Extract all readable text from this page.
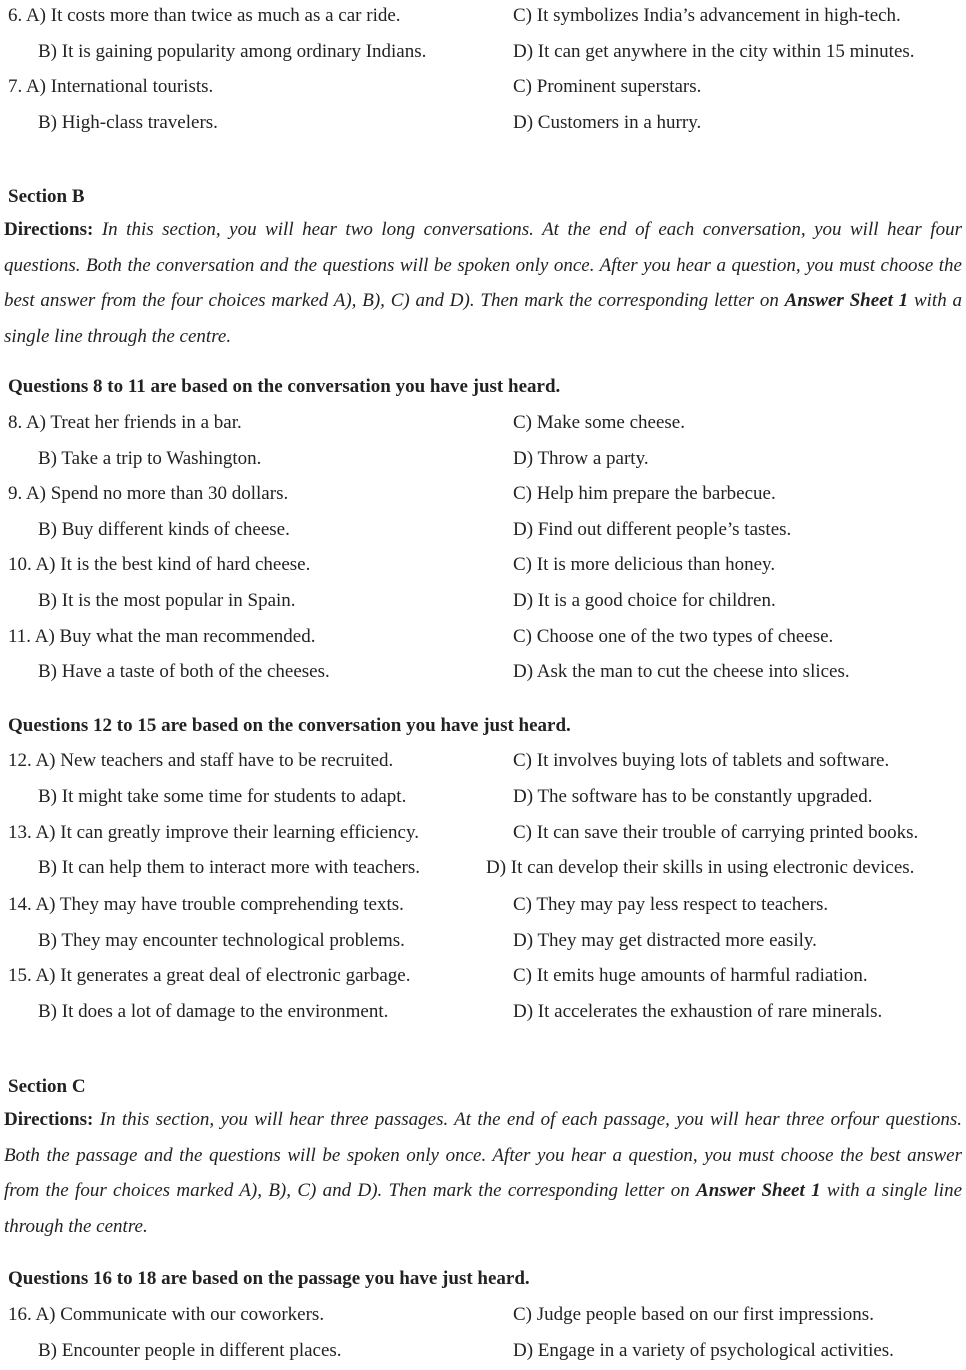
6. A) It costs more than twice as much as a car ride.	C) It symbolizes India’s advancement in high-tech.
B) It is gaining popularity among ordinary Indians.	D) It can get anywhere in the city within 15 minutes.
7. A) International tourists.	C) Prominent superstars.
B) High-class travelers.	D) Customers in a hurry.
Section B
Directions: In this section, you will hear two long conversations. At the end of each conversation, you will hear four questions. Both the conversation and the questions will be spoken only once. After you hear a question, you must choose the best answer from the four choices marked A), B), C) and D). Then mark the corresponding letter on Answer Sheet 1 with a single line through the centre.
Questions 8 to 11 are based on the conversation you have just heard.
8. A) Treat her friends in a bar.	C) Make some cheese.
B) Take a trip to Washington.	D) Throw a party.
9. A) Spend no more than 30 dollars.	C) Help him prepare the barbecue.
B) Buy different kinds of cheese.	D) Find out different people’s tastes.
10. A) It is the best kind of hard cheese.	C) It is more delicious than honey.
B) It is the most popular in Spain.	D) It is a good choice for children.
11. A) Buy what the man recommended.	C) Choose one of the two types of cheese.
B) Have a taste of both of the cheeses.	D) Ask the man to cut the cheese into slices.
Questions 12 to 15 are based on the conversation you have just heard.
12. A) New teachers and staff have to be recruited.	C) It involves buying lots of tablets and software.
B) It might take some time for students to adapt.	D) The software has to be constantly upgraded.
13. A) It can greatly improve their learning efficiency.	C) It can save their trouble of carrying printed books.
B) It can help them to interact more with teachers.	D) It can develop their skills in using electronic devices.
14. A) They may have trouble comprehending texts.	C) They may pay less respect to teachers.
B) They may encounter technological problems.	D) They may get distracted more easily.
15. A) It generates a great deal of electronic garbage.	C) It emits huge amounts of harmful radiation.
B) It does a lot of damage to the environment.	D) It accelerates the exhaustion of rare minerals.
Section C
Directions: In this section, you will hear three passages. At the end of each passage, you will hear three orfour questions. Both the passage and the questions will be spoken only once. After you hear a question, you must choose the best answer from the four choices marked A), B), C) and D). Then mark the corresponding letter on Answer Sheet 1 with a single line through the centre.
Questions 16 to 18 are based on the passage you have just heard.
16. A) Communicate with our coworkers.	C) Judge people based on our first impressions.
B) Encounter people in different places.	D) Engage in a variety of psychological activities.
